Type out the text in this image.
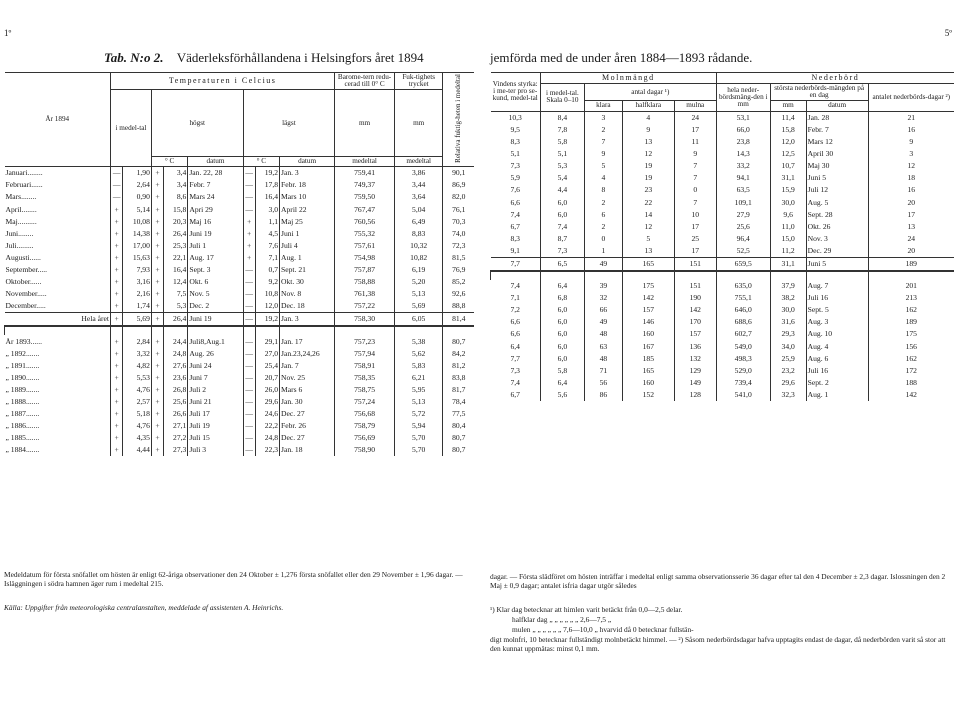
1º
Tab. N:o 2. Väderleksförhållandena i Helsingfors året 1894
År 1894	Temperaturen i Celcius								Barome-tern redu-cerad till 0° C	Fuk-tighets trycket	Relativa fuktig-heten i medeltal
	i medel-tal		högst			lägst			mm	mm	
			° C		datum	° C		datum	medeltal	medeltal	
Januari........	—	1,90	+	3,4	Jan. 22, 28	—	19,2	Jan. 3	759,41	3,86	90,1
Februari......	—	2,64	+	3,4	Febr. 7	—	17,8	Febr. 18	749,37	3,44	86,9
Mars........	—	0,90	+	8,6	Mars 24	—	16,4	Mars 10	759,50	3,64	82,0
April........	+	5,14	+	15,8	Apri 29	—	3,0	April 22	767,47	5,04	76,1
Maj..........	+	10,08	+	20,3	Maj 16	+	1,1	Maj 25	760,56	6,49	70,3
Juni........	+	14,38	+	26,4	Juni 19	+	4,5	Juni 1	755,32	8,83	74,0
Juli.........	+	17,00	+	25,3	Juli 1	+	7,6	Juli 4	757,61	10,32	72,3
Augusti......	+	15,63	+	22,1	Aug. 17	+	7,1	Aug. 1	754,98	10,82	81,5
September.....	+	7,93	+	16,4	Sept. 3	—	0,7	Sept. 21	757,87	6,19	76,9
Oktober......	+	3,16	+	12,4	Okt. 6	—	9,2	Okt. 30	758,88	5,20	85,2
November.....	+	2,16	+	7,5	Nov. 5	—	10,8	Nov. 8	761,38	5,13	92,6
December.....	+	1,74	+	5,3	Dec. 2	—	12,0	Dec. 18	757,22	5,69	88,8
Hela året	+	5,69	+	26,4	Juni 19	—	19,2	Jan. 3	758,30	6,05	81,4

År 1893......	+	2,84	+	24,4	Juli8,Aug.1	—	29,1	Jan. 17	757,23	5,38	80,7
„ 1892.......	+	3,32	+	24,8	Aug. 26	—	27,0	Jan.23,24,26	757,94	5,62	84,2
„ 1891.......	+	4,82	+	27,6	Juni 24	—	25,4	Jan. 7	758,91	5,83	81,2
„ 1890.......	+	5,53	+	23,6	Juni 7	—	20,7	Nov. 25	758,35	6,21	83,8
„ 1889.......	+	4,76	+	26,8	Juli 2	—	26,0	Mars 6	758,75	5,95	81,7
„ 1888.......	+	2,57	+	25,6	Juni 21	—	29,6	Jan. 30	757,24	5,13	78,4
„ 1887.......	+	5,18	+	26,6	Juli 17	—	24,6	Dec. 27	756,68	5,72	77,5
„ 1886.......	+	4,76	+	27,1	Juli 19	—	22,2	Febr. 26	758,79	5,94	80,4
„ 1885.......	+	4,35	+	27,2	Juli 15	—	24,8	Dec. 27	756,69	5,70	80,7
„ 1884.......	+	4,44	+	27,3	Juli 3	—	22,3	Jan. 18	758,90	5,70	80,7
Medeldatum för första snöfallet om hösten är enligt 62-åriga observationer den 24 Oktober ± 1,276 första snöfallet eller den 29 November ± 1,96 dagar. — Isläggningen i södra hamnen äger rum i medeltal 215.
Källa: Uppgifter från meteorologiska centralanstalten, meddelade af assistenten A. Heinrichs.
5º
jemförda med de under åren 1884—1893 rådande.
Vindens styrka: i me-ter pro se-kund, medel-tal	Molnmängd				Nederbörd			
	i medel-tal. Skala 0–10	antal dagar ¹)			hela neder-bördsmäng-den i mm	största nederbörds-mängden på en dag		antalet nederbörds-dagar ²)
		klara	halfklara	mulna		mm	datum	
10,3	8,4	3	4	24	53,1	11,4	Jan. 28	21
9,5	7,8	2	9	17	66,0	15,8	Febr. 7	16
8,3	5,8	7	13	11	23,8	12,0	Mars 12	9
5,1	5,1	9	12	9	14,3	12,5	April 30	3
7,3	5,3	5	19	7	33,2	10,7	Maj 30	12
5,9	5,4	4	19	7	94,1	31,1	Juni 5	18
7,6	4,4	8	23	0	63,5	15,9	Juli 12	16
6,6	6,0	2	22	7	109,1	30,0	Aug. 5	20
7,4	6,0	6	14	10	27,9	9,6	Sept. 28	17
6,7	7,4	2	12	17	25,6	11,0	Okt. 26	13
8,3	8,7	0	5	25	96,4	15,0	Nov. 3	24
9,1	7,3	1	13	17	52,5	11,2	Dec. 29	20
7,7	6,5	49	165	151	659,5	31,1	Juni 5	189

7,4	6,4	39	175	151	635,0	37,9	Aug. 7	201
7,1	6,8	32	142	190	755,1	38,2	Juli 16	213
7,2	6,0	66	157	142	646,0	30,0	Sept. 5	162
6,6	6,0	49	146	170	688,6	31,6	Aug. 3	189
6,6	6,0	48	160	157	602,7	29,3	Aug. 10	175
6,4	6,0	63	167	136	549,0	34,0	Aug. 4	156
7,7	6,0	48	185	132	498,3	25,9	Aug. 6	162
7,3	5,8	71	165	129	529,0	23,2	Juli 16	172
7,4	6,4	56	160	149	739,4	29,6	Sept. 2	188
6,7	5,6	86	152	128	541,0	32,3	Aug. 1	142
dagar. — Första slädföret om hösten inträffar i medeltal enligt samma observationsserie 36 dagar efter tal den 4 December ± 2,3 dagar. Islossningen den 2 Maj ± 0,9 dagar; antalet isfria dagar utgör således
¹) Klar dag betecknar att himlen varit betäckt från 0,0—2,5 delar.
halfklar dag „ „ „ „ „ „ 2,6—7,5 „
mulen „ „ „ „ „ „ 7,6—10,0 „ hvarvid då 0 betecknar fullstän-
digt molnfri, 10 betecknar fullständigt molnbetäckt himmel. — ²) Såsom nederbördsdagar hafva upptagits endast de dagar, då nederbörden varit så stor att den kunnat uppmätas: minst 0,1 mm.
